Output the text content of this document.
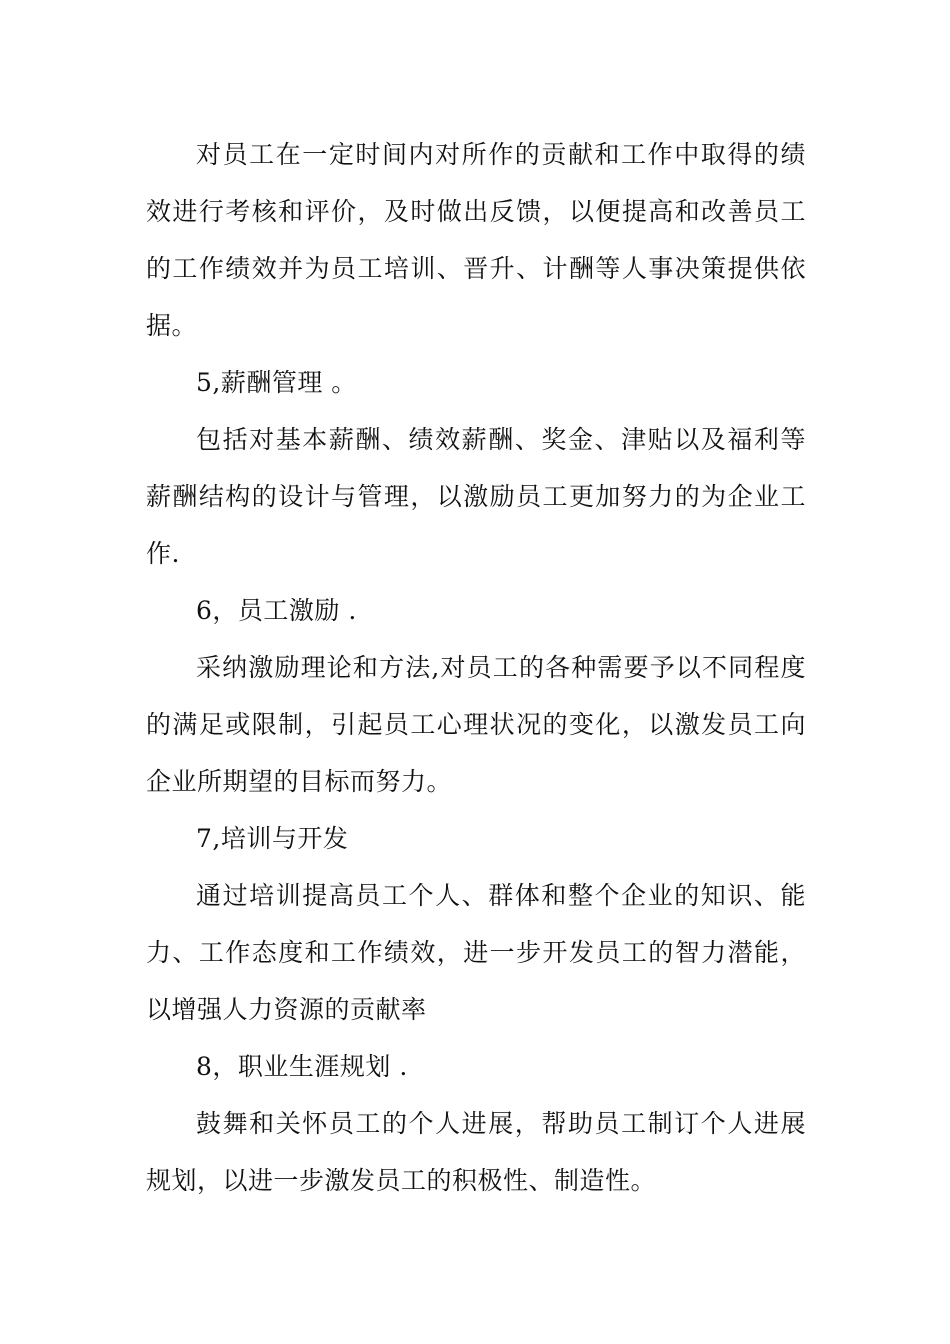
对员工在一定时间内对所作的贡献和工作中取得的绩效进行考核和评价，及时做出反馈，以便提高和改善员工的工作绩效并为员工培训、晋升、计酬等人事决策提供依据。

5,薪酬管理 。

包括对基本薪酬、绩效薪酬、奖金、津贴以及福利等薪酬结构的设计与管理，以激励员工更加努力的为企业工作.

6，员工激励 .

采纳激励理论和方法,对员工的各种需要予以不同程度的满足或限制，引起员工心理状况的变化，以激发员工向企业所期望的目标而努力。

7,培训与开发

通过培训提高员工个人、群体和整个企业的知识、能力、工作态度和工作绩效，进一步开发员工的智力潜能，以增强人力资源的贡献率

8，职业生涯规划 .

鼓舞和关怀员工的个人进展，帮助员工制订个人进展规划，以进一步激发员工的积极性、制造性。
